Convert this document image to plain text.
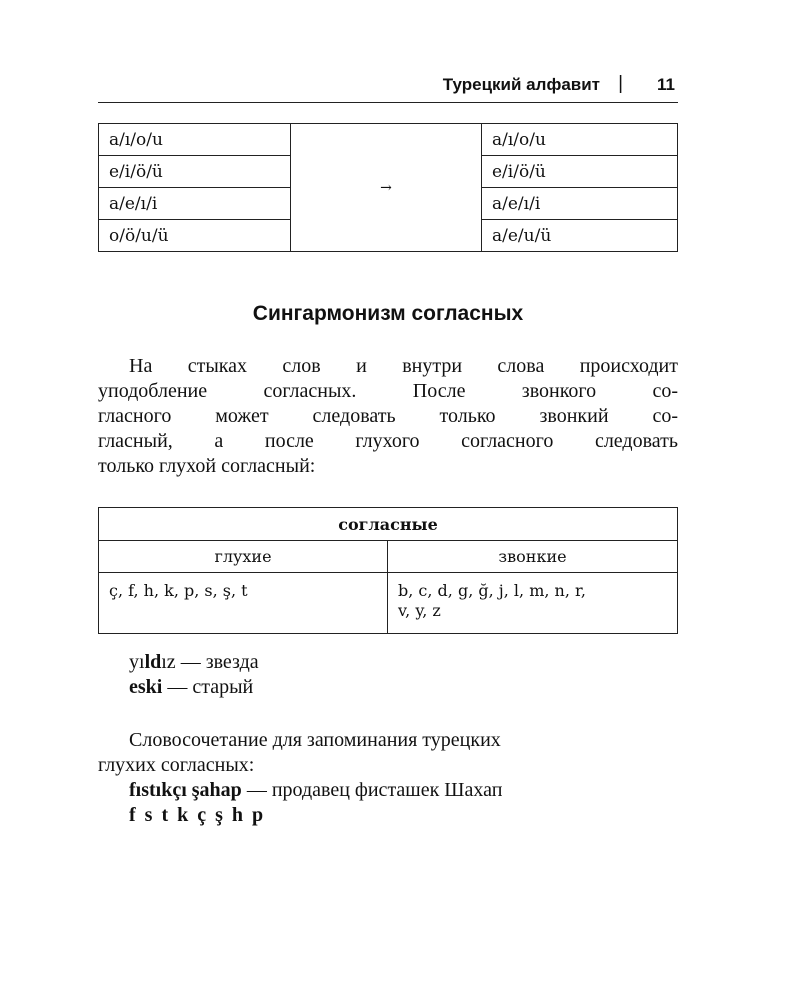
Турецкий алфавит | 11
a/ı/o/u	→	a/ı/o/u
e/i/ö/ü		e/i/ö/ü
a/e/ı/i		a/e/ı/i
o/ö/u/ü		a/e/u/ü
Сингармонизм согласных
На стыках слов и внутри слова происходит
уподобление согласных. После звонкого со-
гласного может следовать только звонкий со-
гласный, а после глухого согласного следовать
только глухой согласный:
согласные	
глухие	звонкие
ç, f, h, k, p, s, ş, t	b, c, d, g, ğ, j, l, m, n, r,
v, y, z
yıldız — звезда
eski — старый
Словосочетание для запоминания турецких
глухих согласных:
fıstıkçı şahap — продавец фисташек Шахап
f s t k ç ş h p
